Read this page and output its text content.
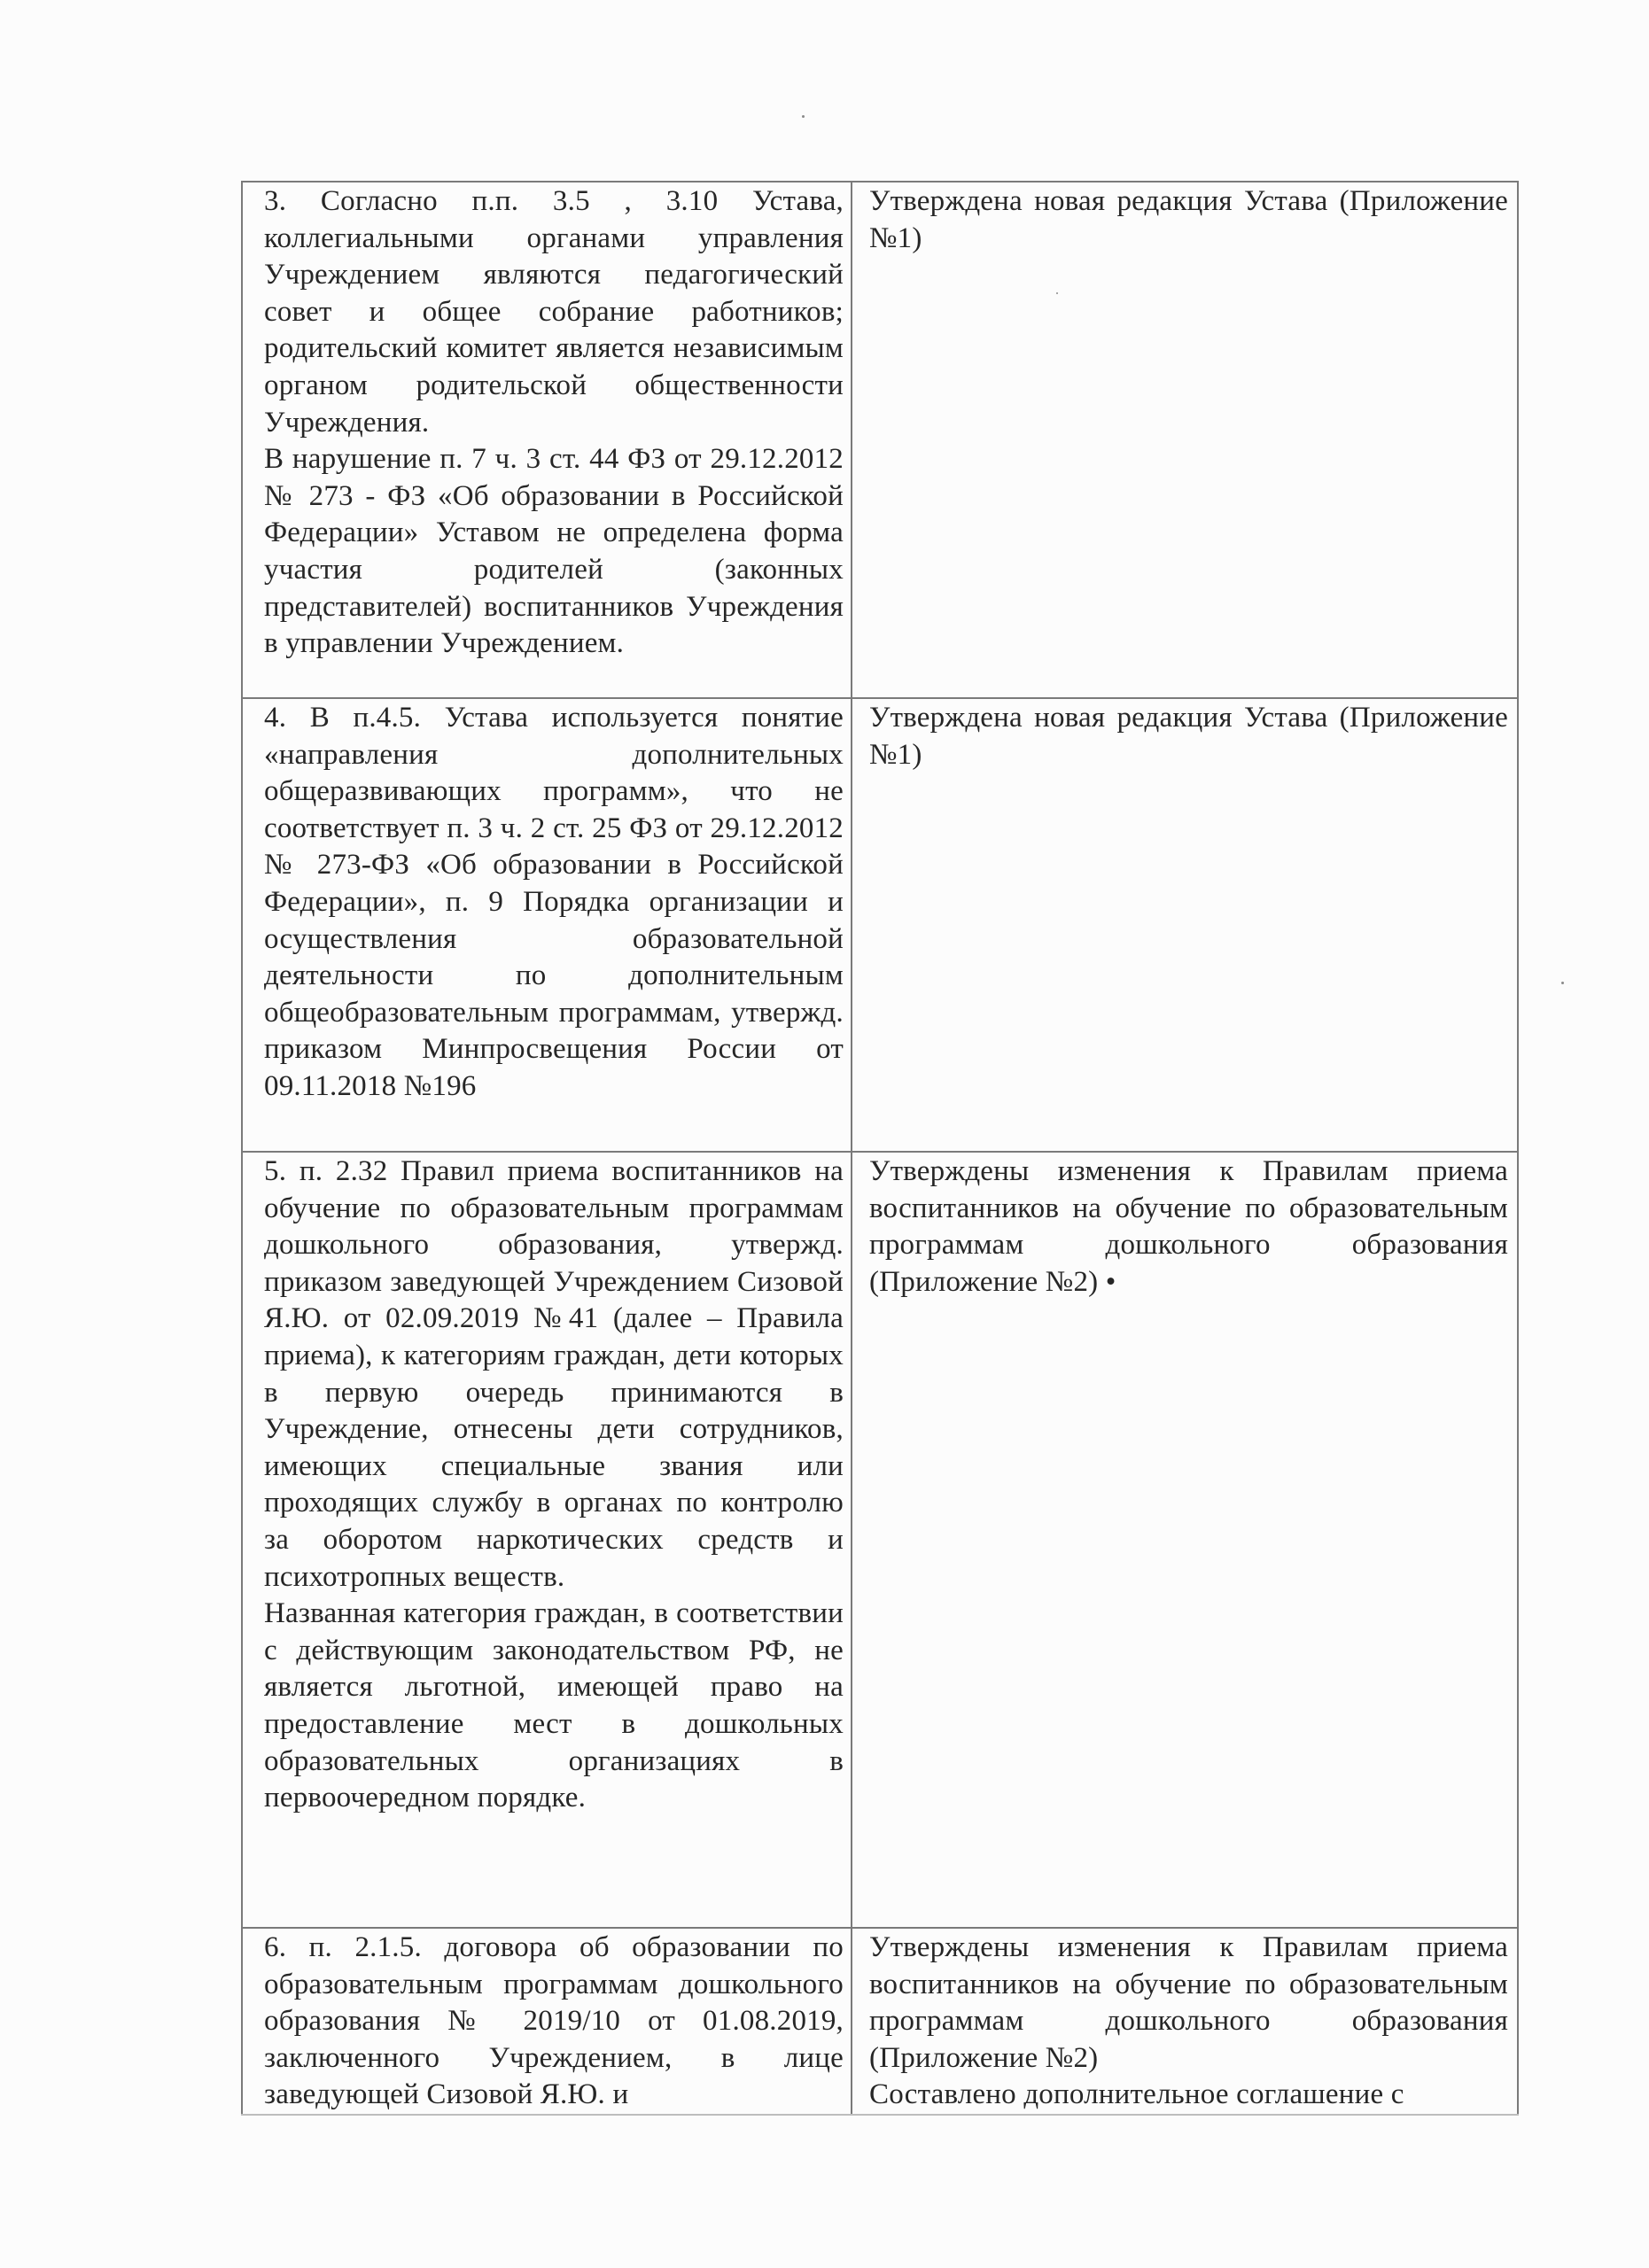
3. Согласно п.п. 3.5 , 3.10 Устава, коллегиальными органами управления Учреждением являются педагогический совет и общее собрание работников; родительский комитет является независимым органом родительской общественности Учреждения.
В нарушение п. 7 ч. 3 ст. 44 ФЗ от 29.12.2012 № 273 - ФЗ «Об образовании в Российской Федерации» Уставом не определена форма участия родителей (законных представителей) воспитанников Учреждения в управлении Учреждением.	Утверждена новая редакция Устава (Приложение №1)

4. В п.4.5. Устава используется понятие «направления дополнительных общеразвивающих программ», что не соответствует п. 3 ч. 2 ст. 25 ФЗ от 29.12.2012 № 273-ФЗ «Об образовании в Российской Федерации», п. 9 Порядка организации и осуществления образовательной деятельности по дополнительным общеобразовательным программам, утвержд. приказом Минпросвещения России от 09.11.2018 №196	Утверждена новая редакция Устава (Приложение №1)

5. п. 2.32 Правил приема воспитанников на обучение по образовательным программам дошкольного образования, утвержд. приказом заведующей Учреждением Сизовой Я.Ю. от 02.09.2019 №41 (далее – Правила приема), к категориям граждан, дети которых в первую очередь принимаются в Учреждение, отнесены дети сотрудников, имеющих специальные звания или проходящих службу в органах по контролю за оборотом наркотических средств и психотропных веществ.
Названная категория граждан, в соответствии с действующим законодательством РФ, не является льготной, имеющей право на предоставление мест в дошкольных образовательных организациях в первоочередном порядке.	Утверждены изменения к Правилам приема воспитанников на обучение по образовательным программам дошкольного образования (Приложение №2) •

6. п. 2.1.5. договора об образовании по образовательным программам дошкольного образования № 2019/10 от 01.08.2019, заключенного Учреждением, в лице заведующей Сизовой Я.Ю. и	Утверждены изменения к Правилам приема воспитанников на обучение по образовательным программам дошкольного образования (Приложение №2)
Составлено дополнительное соглашение с
